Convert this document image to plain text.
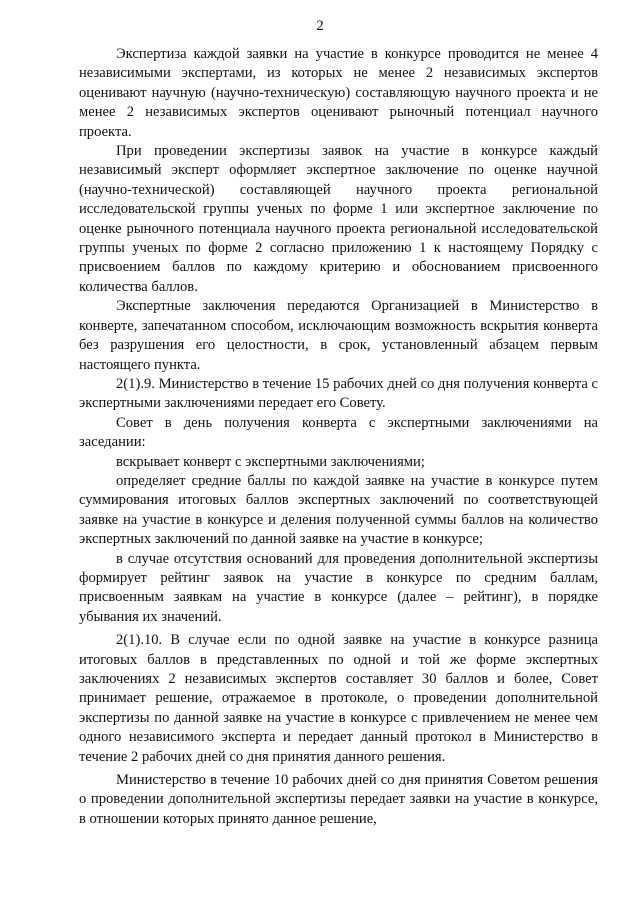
2

Экспертиза каждой заявки на участие в конкурсе проводится не менее 4 независимыми экспертами, из которых не менее 2 независимых экспертов оценивают научную (научно-техническую) составляющую научного проекта и не менее 2 независимых экспертов оценивают рыночный потенциал научного проекта.

При проведении экспертизы заявок на участие в конкурсе каждый независимый эксперт оформляет экспертное заключение по оценке научной (научно-технической) составляющей научного проекта региональной исследовательской группы ученых по форме 1 или экспертное заключение по оценке рыночного потенциала научного проекта региональной исследовательской группы ученых по форме 2 согласно приложению 1 к настоящему Порядку с присвоением баллов по каждому критерию и обоснованием присвоенного количества баллов.

Экспертные заключения передаются Организацией в Министерство в конверте, запечатанном способом, исключающим возможность вскрытия конверта без разрушения его целостности, в срок, установленный абзацем первым настоящего пункта.

2(1).9. Министерство в течение 15 рабочих дней со дня получения конверта с экспертными заключениями передает его Совету.

Совет в день получения конверта с экспертными заключениями на заседании:

вскрывает конверт с экспертными заключениями;

определяет средние баллы по каждой заявке на участие в конкурсе путем суммирования итоговых баллов экспертных заключений по соответствующей заявке на участие в конкурсе и деления полученной суммы баллов на количество экспертных заключений по данной заявке на участие в конкурсе;

в случае отсутствия оснований для проведения дополнительной экспертизы формирует рейтинг заявок на участие в конкурсе по средним баллам, присвоенным заявкам на участие в конкурсе (далее – рейтинг), в порядке убывания их значений.

2(1).10. В случае если по одной заявке на участие в конкурсе разница итоговых баллов в представленных по одной и той же форме экспертных заключениях 2 независимых экспертов составляет 30 баллов и более, Совет принимает решение, отражаемое в протоколе, о проведении дополнительной экспертизы по данной заявке на участие в конкурсе с привлечением не менее чем одного независимого эксперта и передает данный протокол в Министерство в течение 2 рабочих дней со дня принятия данного решения.

Министерство в течение 10 рабочих дней со дня принятия Советом решения о проведении дополнительной экспертизы передает заявки на участие в конкурсе, в отношении которых принято данное решение,
